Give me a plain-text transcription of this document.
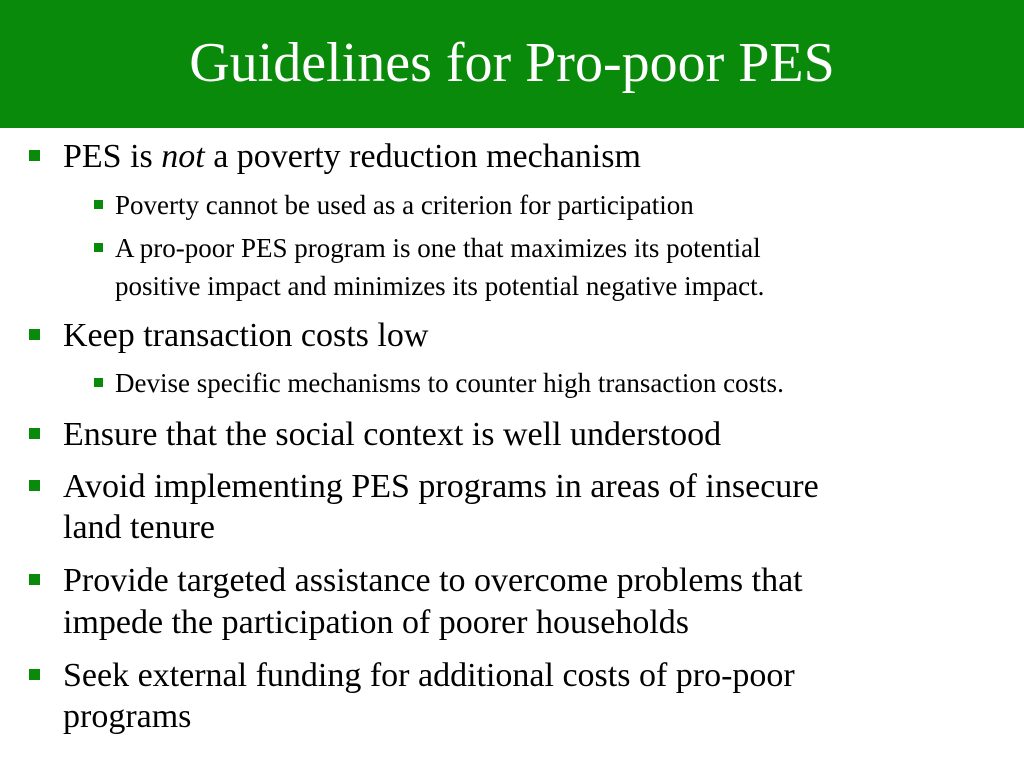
Guidelines for Pro-poor PES
PES is not a poverty reduction mechanism
Poverty cannot be used as a criterion for participation
A pro-poor PES program is one that maximizes its potential
positive impact and minimizes its potential negative impact.
Keep transaction costs low
Devise specific mechanisms to counter high transaction costs.
Ensure that the social context is well understood
Avoid implementing PES programs in areas of insecure
land tenure
Provide targeted assistance to overcome problems that
impede the participation of poorer households
Seek external funding for additional costs of pro-poor
programs
